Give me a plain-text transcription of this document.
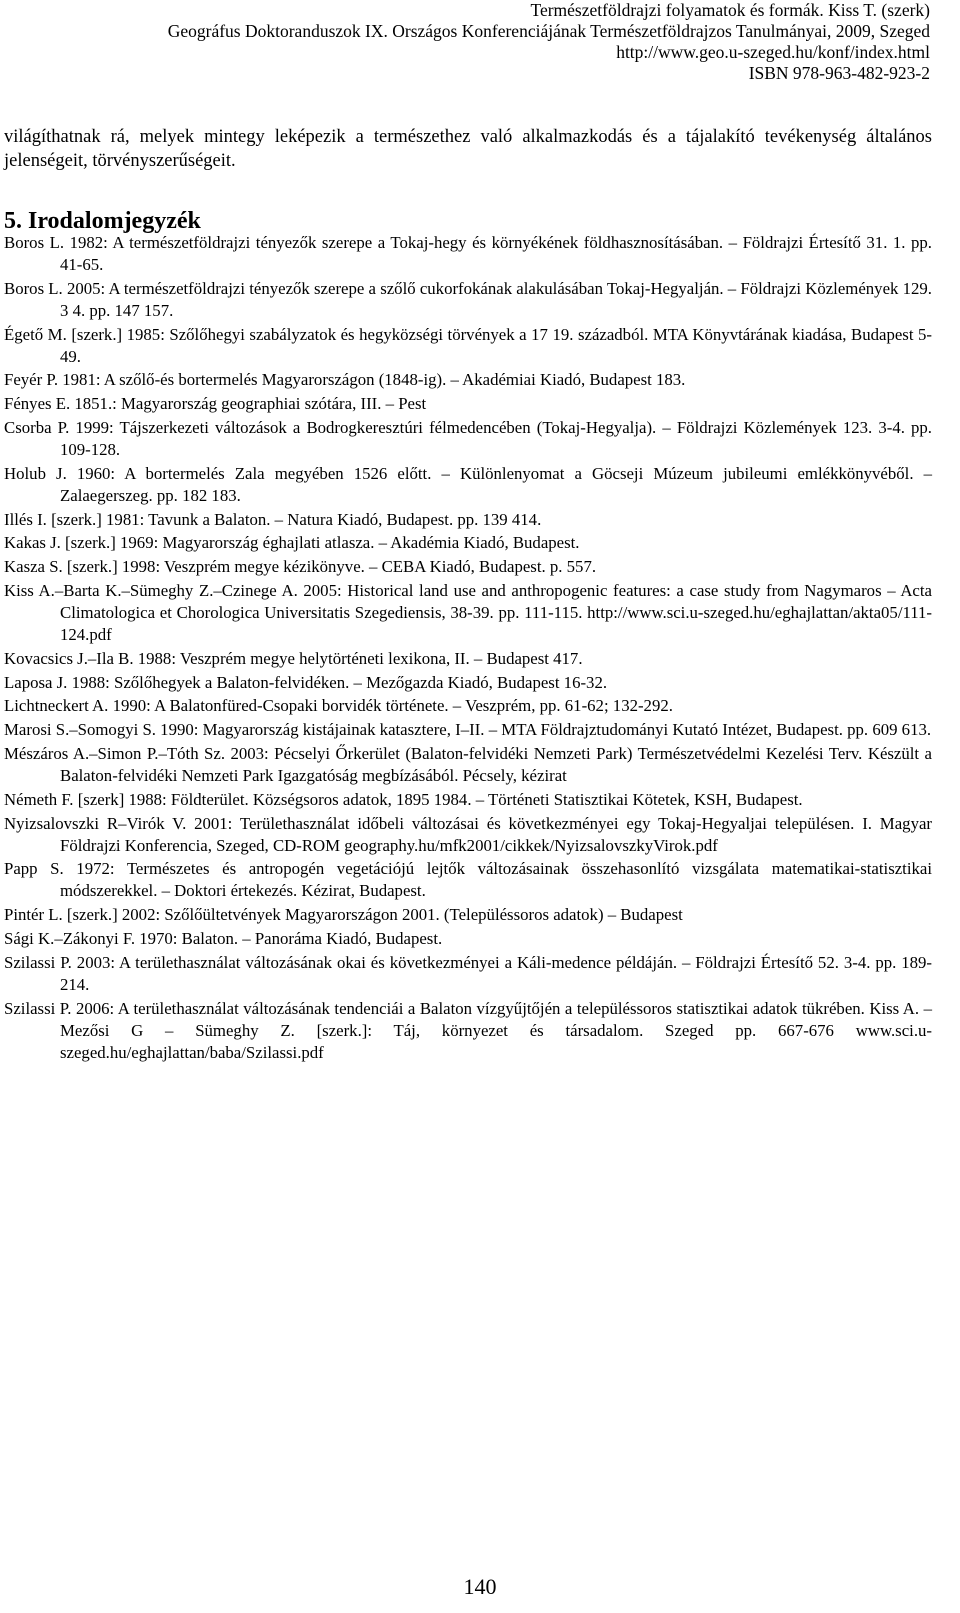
Természetföldrajzi folyamatok és formák. Kiss T. (szerk)
Geográfus Doktoranduszok IX. Országos Konferenciájának Természetföldrajzos Tanulmányai, 2009, Szeged
http://www.geo.u-szeged.hu/konf/index.html
ISBN 978-963-482-923-2

világíthatnak rá, melyek mintegy leképezik a természethez való alkalmazkodás és a tájalakító tevékenység általános jelenségeit, törvényszerűségeit.

5. Irodalomjegyzék
Boros L. 1982: A természetföldrajzi tényezők szerepe a Tokaj-hegy és környékének földhasznosításában. – Földrajzi Értesítő 31. 1. pp. 41-65.
Boros L. 2005: A természetföldrajzi tényezők szerepe a szőlő cukorfokának alakulásában Tokaj-Hegyalján. – Földrajzi Közlemények 129. 3 4. pp. 147 157.
Égető M. [szerk.] 1985: Szőlőhegyi szabályzatok és hegyközségi törvények a 17 19. századból. MTA Könyvtárának kiadása, Budapest 5-49.
Feyér P. 1981: A szőlő-és bortermelés Magyarországon (1848-ig). – Akadémiai Kiadó, Budapest 183.
Fényes E. 1851.: Magyarország geographiai szótára, III. – Pest
Csorba P. 1999: Tájszerkezeti változások a Bodrogkeresztúri félmedencében (Tokaj-Hegyalja). – Földrajzi Közlemények 123. 3-4. pp. 109-128.
Holub J. 1960: A bortermelés Zala megyében 1526 előtt. – Különlenyomat a Göcseji Múzeum jubileumi emlékkönyvéből. – Zalaegerszeg. pp. 182 183.
Illés I. [szerk.] 1981: Tavunk a Balaton. – Natura Kiadó, Budapest. pp. 139 414.
Kakas J. [szerk.] 1969: Magyarország éghajlati atlasza. – Akadémia Kiadó, Budapest.
Kasza S. [szerk.] 1998: Veszprém megye kézikönyve. – CEBA Kiadó, Budapest. p. 557.
Kiss A.–Barta K.–Sümeghy Z.–Czinege A. 2005: Historical land use and anthropogenic features: a case study from Nagymaros – Acta Climatologica et Chorologica Universitatis Szegediensis, 38-39. pp. 111-115. http://www.sci.u-szeged.hu/eghajlattan/akta05/111-124.pdf
Kovacsics J.–Ila B. 1988: Veszprém megye helytörténeti lexikona, II. – Budapest 417.
Laposa J. 1988: Szőlőhegyek a Balaton-felvidéken. – Mezőgazda Kiadó, Budapest 16-32.
Lichtneckert A. 1990: A Balatonfüred-Csopaki borvidék története. – Veszprém, pp. 61-62; 132-292.
Marosi S.–Somogyi S. 1990: Magyarország kistájainak katasztere, I–II. – MTA Földrajztudományi Kutató Intézet, Budapest. pp. 609 613.
Mészáros A.–Simon P.–Tóth Sz. 2003: Pécselyi Őrkerület (Balaton-felvidéki Nemzeti Park) Természetvédelmi Kezelési Terv. Készült a Balaton-felvidéki Nemzeti Park Igazgatóság megbízásából. Pécsely, kézirat
Németh F. [szerk] 1988: Földterület. Községsoros adatok, 1895 1984. – Történeti Statisztikai Kötetek, KSH, Budapest.
Nyizsalovszki R–Virók V. 2001: Területhasználat időbeli változásai és következményei egy Tokaj-Hegyaljai településen. I. Magyar Földrajzi Konferencia, Szeged, CD-ROM geography.hu/mfk2001/cikkek/NyizsalovszkyVirok.pdf
Papp S. 1972: Természetes és antropogén vegetációjú lejtők változásainak összehasonlító vizsgálata matematikai-statisztikai módszerekkel. – Doktori értekezés. Kézirat, Budapest.
Pintér L. [szerk.] 2002: Szőlőültetvények Magyarországon 2001. (Településsoros adatok) – Budapest
Sági K.–Zákonyi F. 1970: Balaton. – Panoráma Kiadó, Budapest.
Szilassi P. 2003: A területhasználat változásának okai és következményei a Káli-medence példáján. – Földrajzi Értesítő 52. 3-4. pp. 189-214.
Szilassi P. 2006: A területhasználat változásának tendenciái a Balaton vízgyűjtőjén a településsoros statisztikai adatok tükrében. Kiss A. – Mezősi G – Sümeghy Z. [szerk.]: Táj, környezet és társadalom. Szeged pp. 667-676 www.sci.u-szeged.hu/eghajlattan/baba/Szilassi.pdf
140
